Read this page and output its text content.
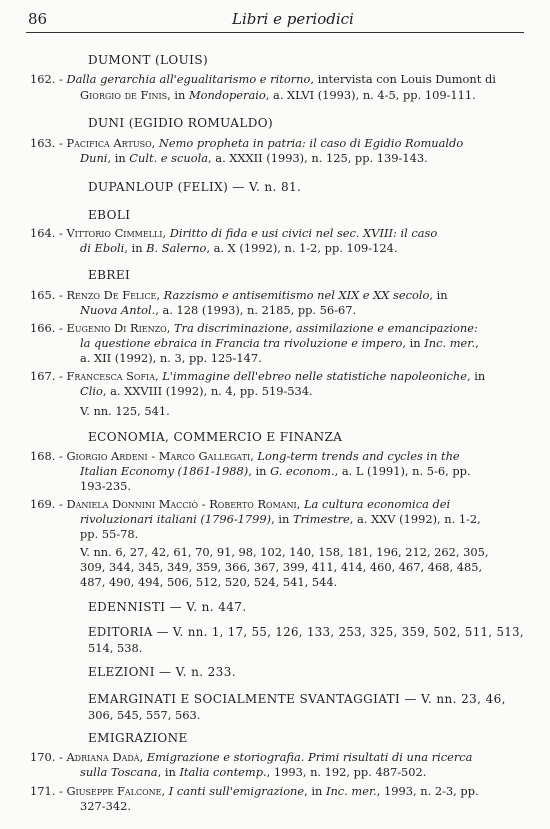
86	Libri e periodici
DUMONT (LOUIS)
162. - Dalla gerarchia all'egualitarismo e ritorno, intervista con Louis Dumont di
Giorgio de Finis, in Mondoperaio, a. XLVI (1993), n. 4-5, pp. 109-111.
DUNI (EGIDIO ROMUALDO)
163. - Pacifica Artuso, Nemo propheta in patria: il caso di Egidio Romualdo
Duni, in Cult. e scuola, a. XXXII (1993), n. 125, pp. 139-143.
DUPANLOUP (FELIX) — V. n. 81.
EBOLI
164. - Vittorio Cimmelli, Diritto di fida e usi civici nel sec. XVIII: il caso
di Eboli, in B. Salerno, a. X (1992), n. 1-2, pp. 109-124.
EBREI
165. - Renzo De Felice, Razzismo e antisemitismo nel XIX e XX secolo, in
Nuova Antol., a. 128 (1993), n. 2185, pp. 56-67.
166. - Eugenio Di Rienzo, Tra discriminazione, assimilazione e emancipazione:
la questione ebraica in Francia tra rivoluzione e impero, in Inc. mer.,
a. XII (1992), n. 3, pp. 125-147.
167. - Francesca Sofia, L'immagine dell'ebreo nelle statistiche napoleoniche, in
Clio, a. XXVIII (1992), n. 4, pp. 519-534.
V. nn. 125, 541.
ECONOMIA, COMMERCIO E FINANZA
168. - Giorgio Ardeni - Marco Gallegati, Long-term trends and cycles in the
Italian Economy (1861-1988), in G. econom., a. L (1991), n. 5-6, pp.
193-235.
169. - Daniela Donnini Macciò - Roberto Romani, La cultura economica dei
rivoluzionari italiani (1796-1799), in Trimestre, a. XXV (1992), n. 1-2,
pp. 55-78.
V. nn. 6, 27, 42, 61, 70, 91, 98, 102, 140, 158, 181, 196, 212, 262, 305,
309, 344, 345, 349, 359, 366, 367, 399, 411, 414, 460, 467, 468, 485,
487, 490, 494, 506, 512, 520, 524, 541, 544.
EDENNISTI — V. n. 447.
EDITORIA — V. nn. 1, 17, 55, 126, 133, 253, 325, 359, 502, 511, 513,
514, 538.
ELEZIONI — V. n. 233.
EMARGINATI E SOCIALMENTE SVANTAGGIATI — V. nn. 23, 46,
306, 545, 557, 563.
EMIGRAZIONE
170. - Adriana Dadà, Emigrazione e storiografia. Primi risultati di una ricerca
sulla Toscana, in Italia contemp., 1993, n. 192, pp. 487-502.
171. - Giuseppe Falcone, I canti sull'emigrazione, in Inc. mer., 1993, n. 2-3, pp.
327-342.
